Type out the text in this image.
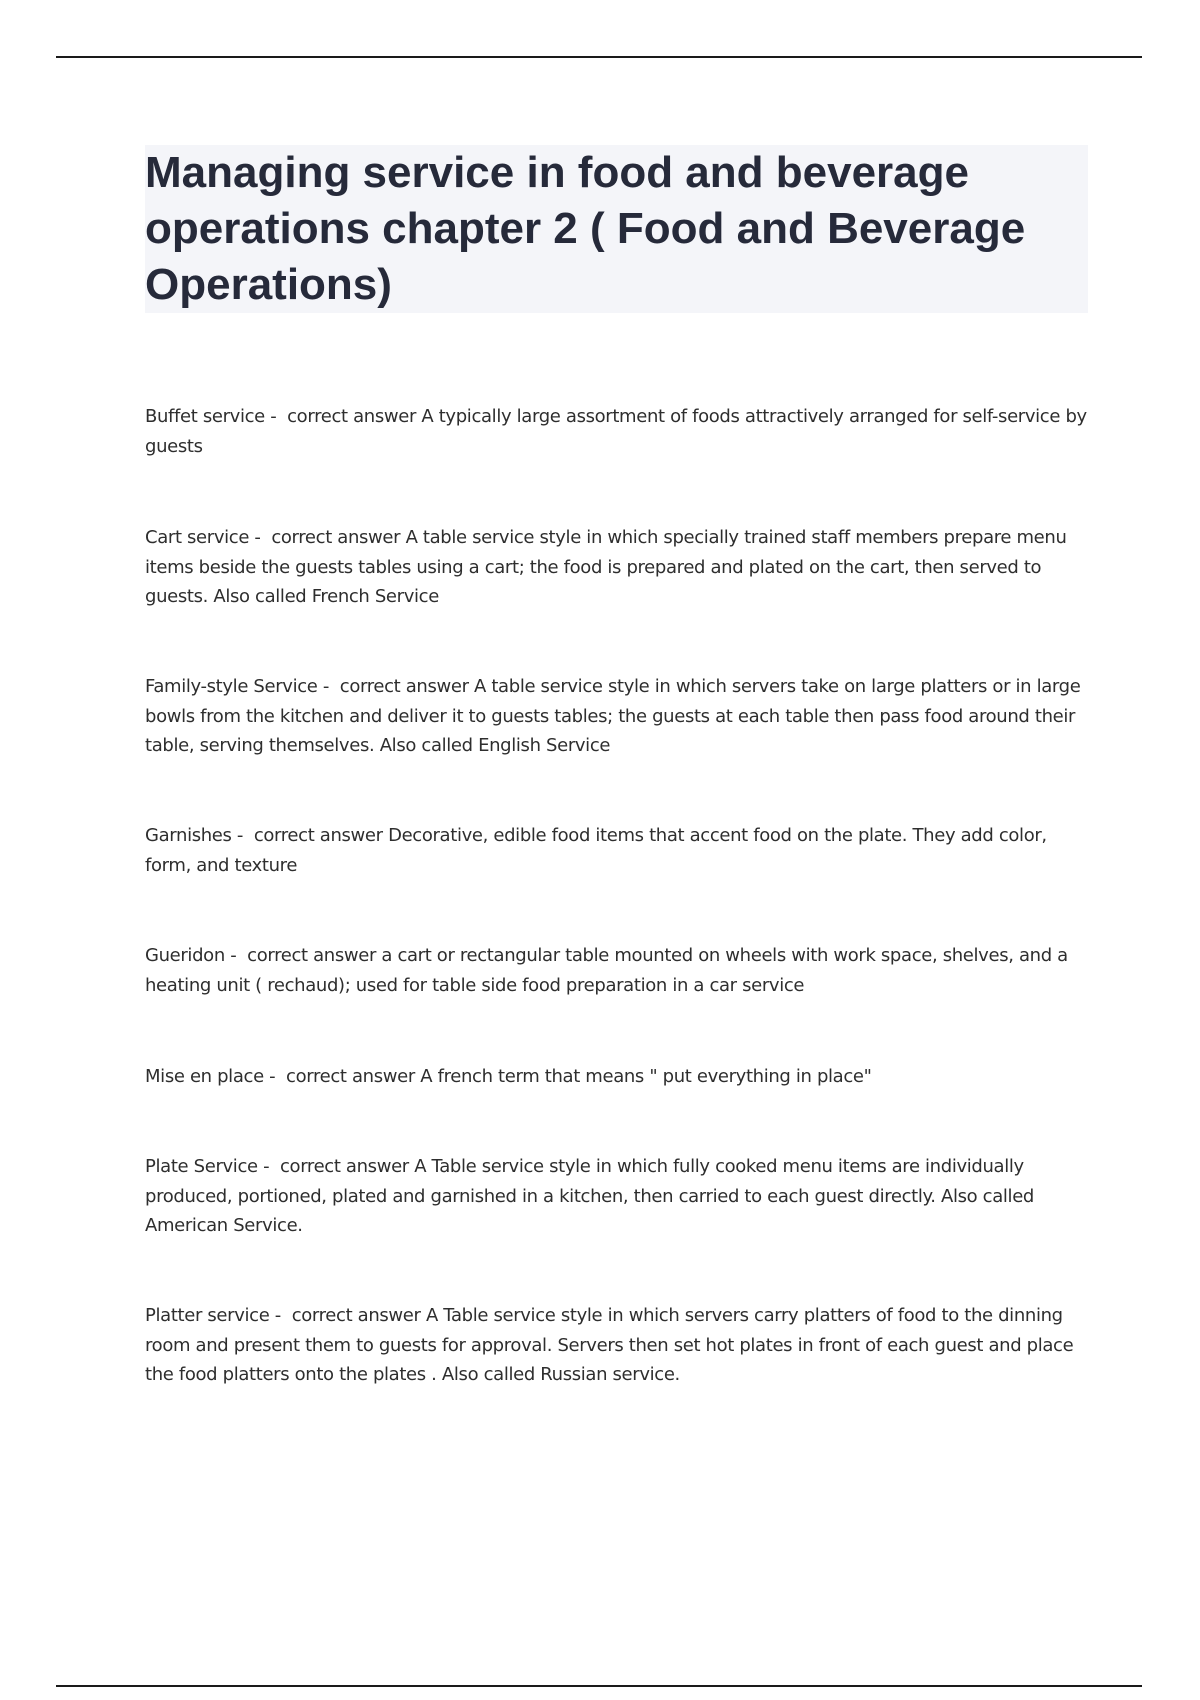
Managing service in food and beverage operations chapter 2 ( Food and Beverage Operations)
Buffet service -  correct answer A typically large assortment of foods attractively arranged for self-service by guests
Cart service -  correct answer A table service style in which specially trained staff members prepare menu items beside the guests tables using a cart; the food is prepared and plated on the cart, then served to guests. Also called French Service
Family-style Service -  correct answer A table service style in which servers take on large platters or in large bowls from the kitchen and deliver it to guests tables; the guests at each table then pass food around their table, serving themselves. Also called English Service
Garnishes -  correct answer Decorative, edible food items that accent food on the plate. They add color, form, and texture
Gueridon -  correct answer a cart or rectangular table mounted on wheels with work space, shelves, and a heating unit ( rechaud); used for table side food preparation in a car service
Mise en place -  correct answer A french term that means " put everything in place"
Plate Service -  correct answer A Table service style in which fully cooked menu items are individually produced, portioned, plated and garnished in a kitchen, then carried to each guest directly. Also called American Service.
Platter service -  correct answer A Table service style in which servers carry platters of food to the dinning room and present them to guests for approval. Servers then set hot plates in front of each guest and place the food platters onto the plates . Also called Russian service.
